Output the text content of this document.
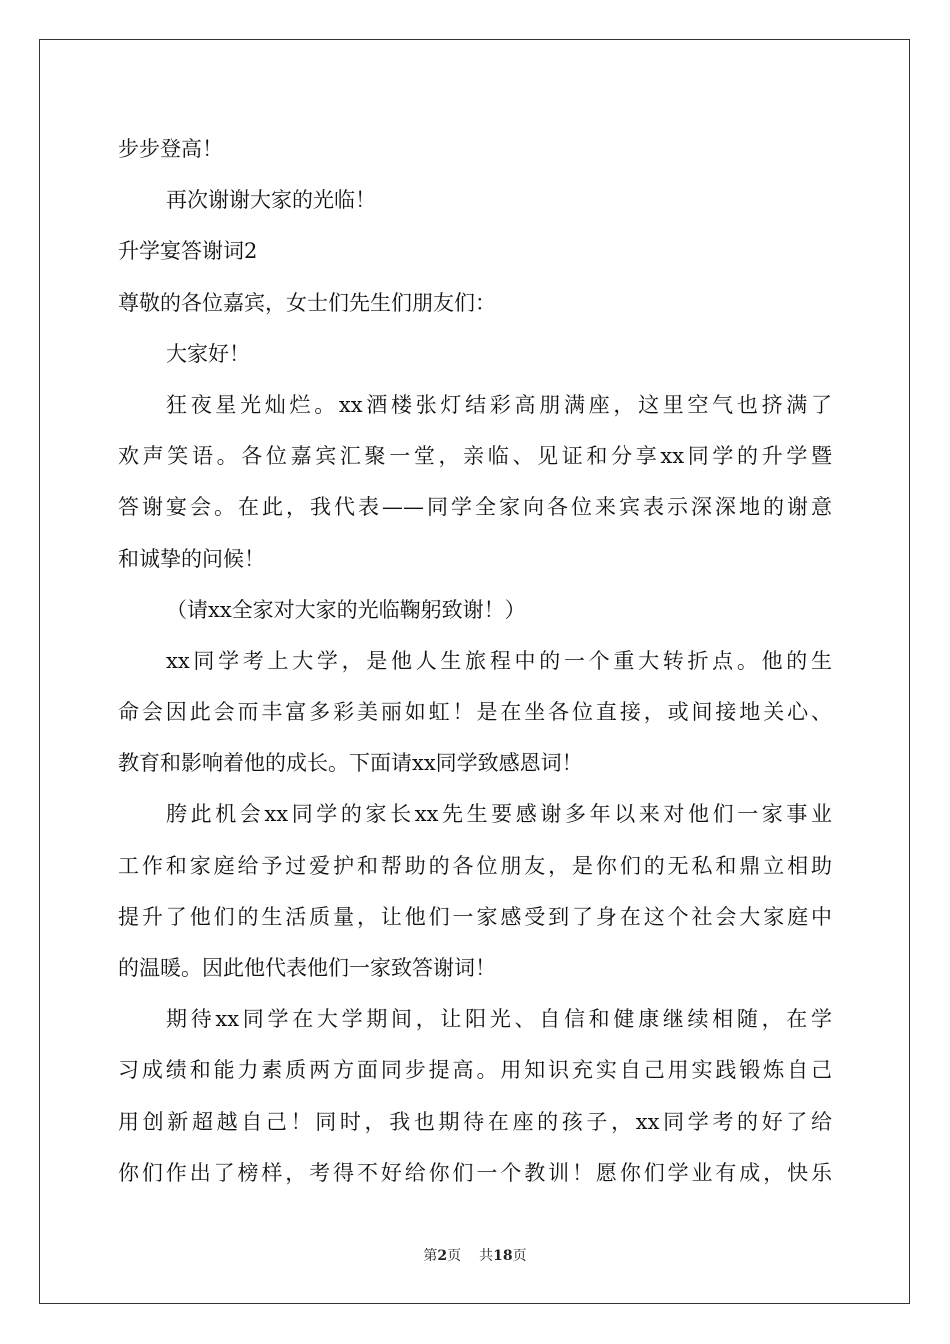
步步登高！
再次谢谢大家的光临！
升学宴答谢词2
尊敬的各位嘉宾，女士们先生们朋友们：
大家好！
狂夜星光灿烂。xx酒楼张灯结彩高朋满座，这里空气也挤满了
欢声笑语。各位嘉宾汇聚一堂，亲临、见证和分享xx同学的升学暨
答谢宴会。在此，我代表——同学全家向各位来宾表示深深地的谢意
和诚挚的问候！
（请xx全家对大家的光临鞠躬致谢！）
xx同学考上大学，是他人生旅程中的一个重大转折点。他的生
命会因此会而丰富多彩美丽如虹！是在坐各位直接，或间接地关心、
教育和影响着他的成长。下面请xx同学致感恩词！
胯此机会xx同学的家长xx先生要感谢多年以来对他们一家事业
工作和家庭给予过爱护和帮助的各位朋友，是你们的无私和鼎立相助
提升了他们的生活质量，让他们一家感受到了身在这个社会大家庭中
的温暖。因此他代表他们一家致答谢词！
期待xx同学在大学期间，让阳光、自信和健康继续相随，在学
习成绩和能力素质两方面同步提高。用知识充实自己用实践锻炼自己
用创新超越自己！同时，我也期待在座的孩子，xx同学考的好了给
你们作出了榜样，考得不好给你们一个教训！愿你们学业有成，快乐
第2页 共18页
